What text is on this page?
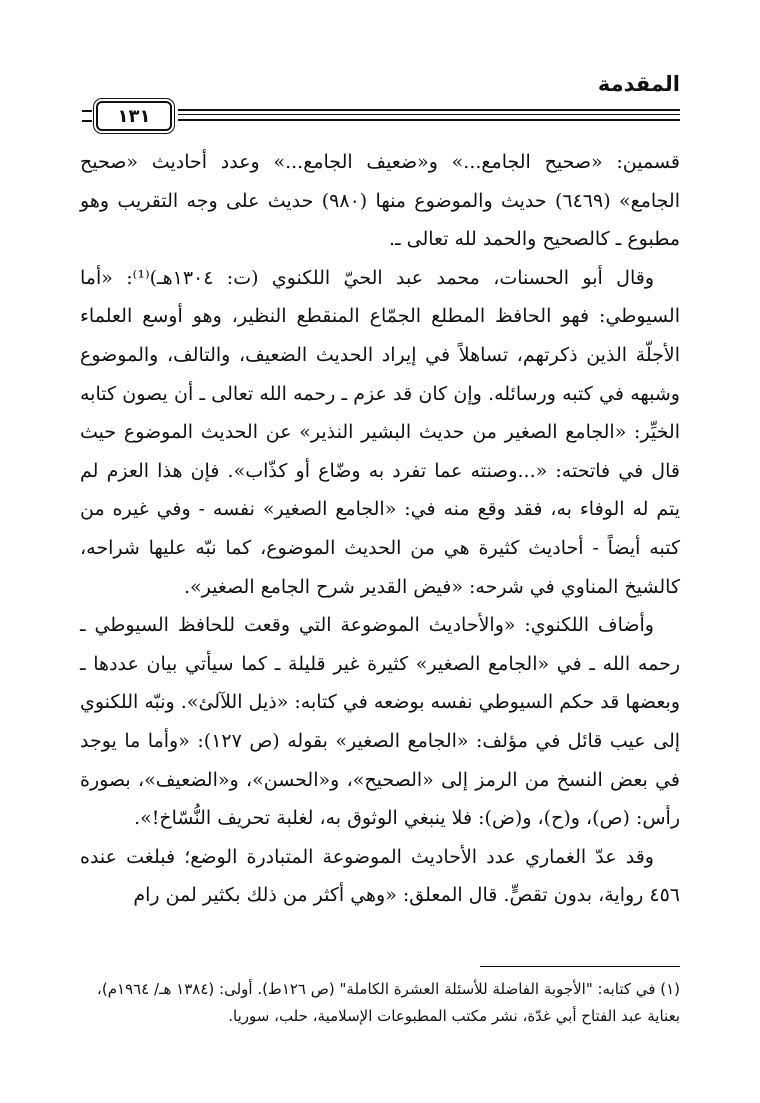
المقدمة
١٣١

قسمين: «صحيح الجامع...» و«ضعيف الجامع...» وعدد أحاديث «صحيح الجامع» (٦٤٦٩) حديث والموضوع منها (٩٨٠) حديث على وجه التقريب وهو مطبوع ـ كالصحيح والحمد لله تعالى ـ.

وقال أبو الحسنات، محمد عبد الحيّ اللكنوي (ت: ١٣٠٤هـ)⁽¹⁾: «أما السيوطي: فهو الحافظ المطلع الجمّاع المنقطع النظير، وهو أوسع العلماء الأجلّة الذين ذكرتهم، تساهلاً في إيراد الحديث الضعيف، والتالف، والموضوع وشبهه في كتبه ورسائله. وإن كان قد عزم ـ رحمه الله تعالى ـ أن يصون كتابه الخيِّر: «الجامع الصغير من حديث البشير النذير» عن الحديث الموضوع حيث قال في فاتحته: «...وصنته عما تفرد به وضّاع أو كذّاب». فإن هذا العزم لم يتم له الوفاء به، فقد وقع منه في: «الجامع الصغير» نفسه - وفي غيره من كتبه أيضاً - أحاديث كثيرة هي من الحديث الموضوع، كما نبّه عليها شراحه، كالشيخ المناوي في شرحه: «فيض القدير شرح الجامع الصغير».

وأضاف اللكنوي: «والأحاديث الموضوعة التي وقعت للحافظ السيوطي ـ رحمه الله ـ في «الجامع الصغير» كثيرة غير قليلة ـ كما سيأتي بيان عددها ـ وبعضها قد حكم السيوطي نفسه بوضعه في كتابه: «ذيل اللآلئ». ونبّه اللكنوي إلى عيب قائل في مؤلف: «الجامع الصغير» بقوله (ص ١٢٧): «وأما ما يوجد في بعض النسخ من الرمز إلى «الصحيح»، و«الحسن»، و«الضعيف»، بصورة رأس: (ص)، و(ح)، و(ض): فلا ينبغي الوثوق به، لغلبة تحريف النُّسّاخ!».

وقد عدّ الغماري عدد الأحاديث الموضوعة المتبادرة الوضع؛ فبلغت عنده ٤٥٦ رواية، بدون تقصٍّ. قال المعلق: «وهي أكثر من ذلك بكثير لمن رام

(١) في كتابه: "الأجوبة الفاضلة للأسئلة العشرة الكاملة" (ص ١٢٦ط). أولى: (١٣٨٤ هـ/ ١٩٦٤م)، بعناية عبد الفتاح أبي غدّة، نشر مكتب المطبوعات الإسلامية، حلب، سوريا.
